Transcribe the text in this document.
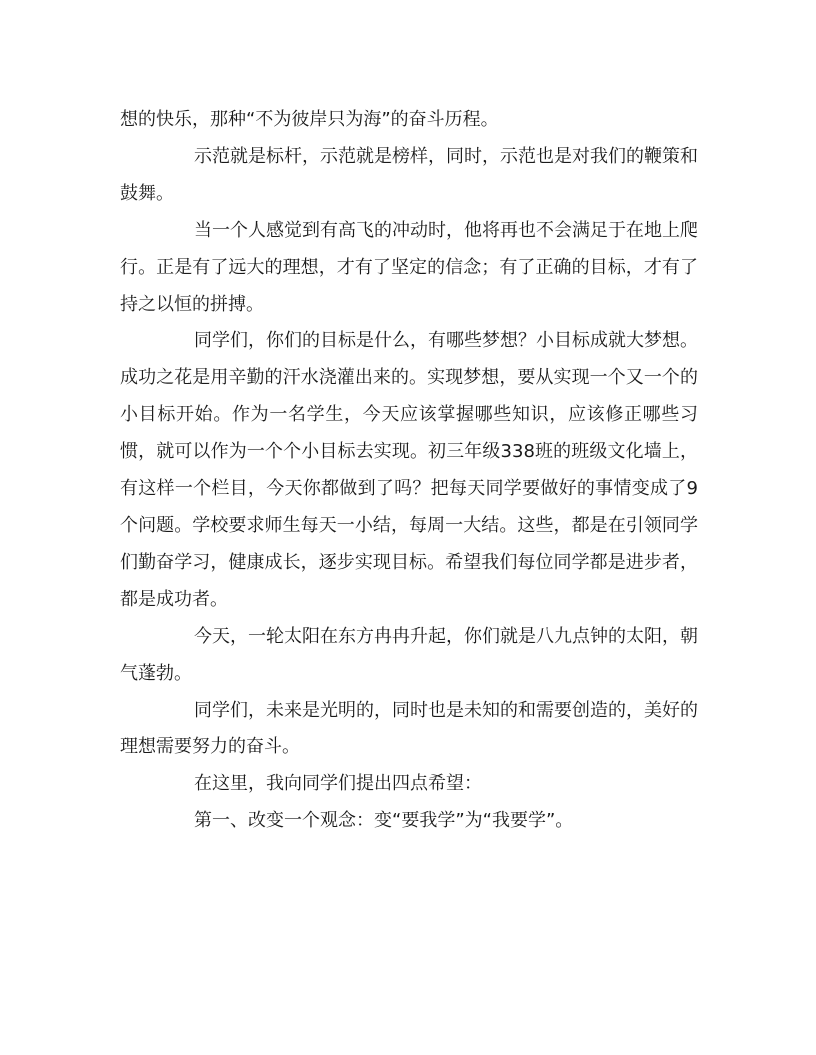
想的快乐，那种“不为彼岸只为海”的奋斗历程。

示范就是标杆，示范就是榜样，同时，示范也是对我们的鞭策和鼓舞。

当一个人感觉到有高飞的冲动时，他将再也不会满足于在地上爬行。正是有了远大的理想，才有了坚定的信念；有了正确的目标，才有了持之以恒的拼搏。

同学们，你们的目标是什么，有哪些梦想？小目标成就大梦想。成功之花是用辛勤的汗水浇灌出来的。实现梦想，要从实现一个又一个的小目标开始。作为一名学生，今天应该掌握哪些知识，应该修正哪些习惯，就可以作为一个个小目标去实现。初三年级338班的班级文化墙上，有这样一个栏目，今天你都做到了吗？把每天同学要做好的事情变成了9个问题。学校要求师生每天一小结，每周一大结。这些，都是在引领同学们勤奋学习，健康成长，逐步实现目标。希望我们每位同学都是进步者，都是成功者。

今天，一轮太阳在东方冉冉升起，你们就是八九点钟的太阳，朝气蓬勃。

同学们，未来是光明的，同时也是未知的和需要创造的，美好的理想需要努力的奋斗。

在这里，我向同学们提出四点希望：

第一、改变一个观念：变“要我学”为“我要学”。
